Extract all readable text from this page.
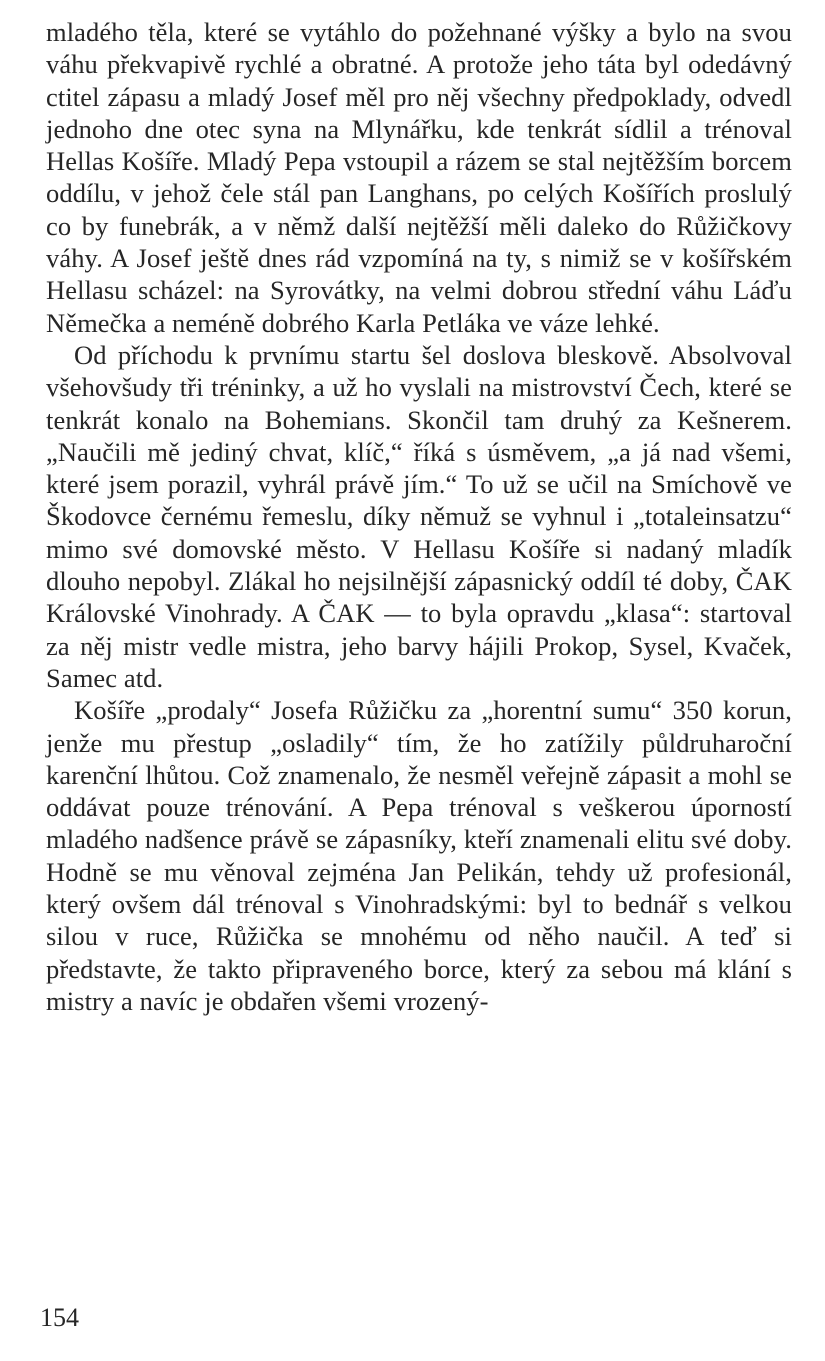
mladého těla, které se vytáhlo do požehnané výšky a bylo na svou váhu překvapivě rychlé a obratné. A protože jeho táta byl odedávný ctitel zápasu a mladý Josef měl pro něj všechny předpoklady, odvedl jednoho dne otec syna na Mlynářku, kde tenkrát sídlil a trénoval Hellas Košíře. Mladý Pepa vstoupil a rázem se stal nejtěžším borcem oddílu, v jehož čele stál pan Langhans, po celých Košířích proslulý co by funebrák, a v němž další nejtěžší měli daleko do Růžičkovy váhy. A Josef ještě dnes rád vzpomíná na ty, s nimiž se v košířském Hellasu scházel: na Syrovátky, na velmi dobrou střední váhu Láďu Němečka a neméně dobrého Karla Petláka ve váze lehké.

Od příchodu k prvnímu startu šel doslova bleskově. Absolvoval všehovšudy tři tréninky, a už ho vyslali na mistrovství Čech, které se tenkrát konalo na Bohemians. Skončil tam druhý za Kešnerem. „Naučili mě jediný chvat, klíč,“ říká s úsměvem, „a já nad všemi, které jsem porazil, vyhrál právě jím.“ To už se učil na Smíchově ve Škodovce černému řemeslu, díky němuž se vyhnul i „totaleinsatzu“ mimo své domovské město. V Hellasu Košíře si nadaný mladík dlouho nepobyl. Zlákal ho nejsilnější zápasnický oddíl té doby, ČAK Královské Vinohrady. A ČAK — to byla opravdu „klasa“: startoval za něj mistr vedle mistra, jeho barvy hájili Prokop, Sysel, Kvaček, Samec atd.

Košíře „prodaly“ Josefa Růžičku za „horentní sumu“ 350 korun, jenže mu přestup „osladily“ tím, že ho zatížily půldruharoční karenční lhůtou. Což znamenalo, že nesměl veřejně zápasit a mohl se oddávat pouze trénování. A Pepa trénoval s veškerou úporností mladého nadšence právě se zápasníky, kteří znamenali elitu své doby. Hodně se mu věnoval zejména Jan Pelikán, tehdy už profesionál, který ovšem dál trénoval s Vinohradskými: byl to bednář s velkou silou v ruce, Růžička se mnohému od něho naučil. A teď si představte, že takto připraveného borce, který za sebou má klání s mistry a navíc je obdařen všemi vrozený-

154
